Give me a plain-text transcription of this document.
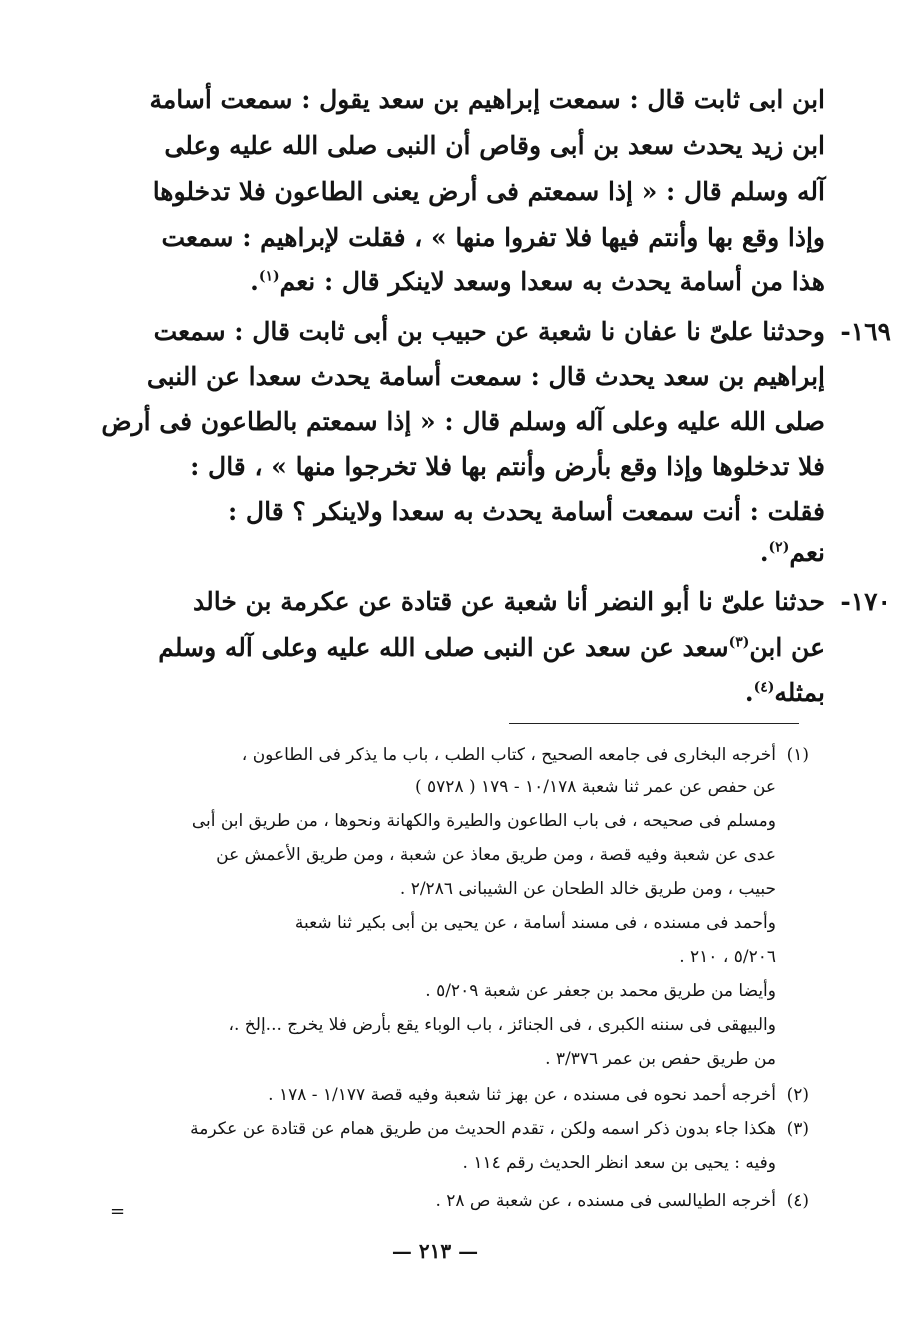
ابن ابى ثابت قال : سمعت إبراهيم بن سعد يقول : سمعت أسامة
ابن زيد يحدث سعد بن أبى وقاص أن النبى صلى الله عليه وعلى
آله وسلم قال : « إذا سمعتم فى أرض يعنى الطاعون فلا تدخلوها
وإذا وقع بها وأنتم فيها فلا تفروا منها » ، فقلت لإبراهيم : سمعت
هذا من أسامة يحدث به سعدا وسعد لاينكر قال : نعم$^{(١)}$.
١٦٩-
وحدثنا علىّ نا عفان نا شعبة عن حبيب بن أبى ثابت قال : سمعت
إبراهيم بن سعد يحدث قال : سمعت أسامة يحدث سعدا عن النبى
صلى الله عليه وعلى آله وسلم قال : « إذا سمعتم بالطاعون فى أرض
فلا تدخلوها وإذا وقع بأرض وأنتم بها فلا تخرجوا منها » ، قال :
فقلت : أنت سمعت أسامة يحدث به سعدا ولاينكر ؟ قال :
نعم$^{(٢)}$.
١٧٠-
حدثنا علىّ نا أبو النضر أنا شعبة عن قتادة عن عكرمة بن خالد
عن ابن$^{(٣)}$سعد عن سعد عن النبى صلى الله عليه وعلى آله وسلم
بمثله$^{(٤)}$.
(١)
أخرجه البخارى فى جامعه الصحيح ، كتاب الطب ، باب ما يذكر فى الطاعون ،
عن حفص عن عمر ثنا شعبة ١٠/١٧٨ - ١٧٩ ( ٥٧٢٨ )
ومسلم فى صحيحه ، فى باب الطاعون والطيرة والكهانة ونحوها ، من طريق ابن أبى
عدى عن شعبة وفيه قصة ، ومن طريق معاذ عن شعبة ، ومن طريق الأعمش عن
حبيب ، ومن طريق خالد الطحان عن الشيبانى ٢/٢٨٦ .
وأحمد فى مسنده ، فى مسند أسامة ، عن يحيى بن أبى بكير ثنا شعبة
٥/٢٠٦ ، ٢١٠ .
وأيضا من طريق محمد بن جعفر عن شعبة ٥/٢٠٩ .
والبيهقى فى سننه الكبرى ، فى الجنائز ، باب الوباء يقع بأرض فلا يخرج ...إلخ .،
من طريق حفص بن عمر ٣/٣٧٦ .
(٢)
أخرجه أحمد نحوه فى مسنده ، عن بهز ثنا شعبة وفيه قصة ١/١٧٧ - ١٧٨ .
(٣)
هكذا جاء بدون ذكر اسمه ولكن ، تقدم الحديث من طريق همام عن قتادة عن عكرمة
وفيه : يحيى بن سعد انظر الحديث رقم ١١٤ .
(٤)
أخرجه الطيالسى فى مسنده ، عن شعبة ص ٢٨ .
=
— ٢١٣ —
